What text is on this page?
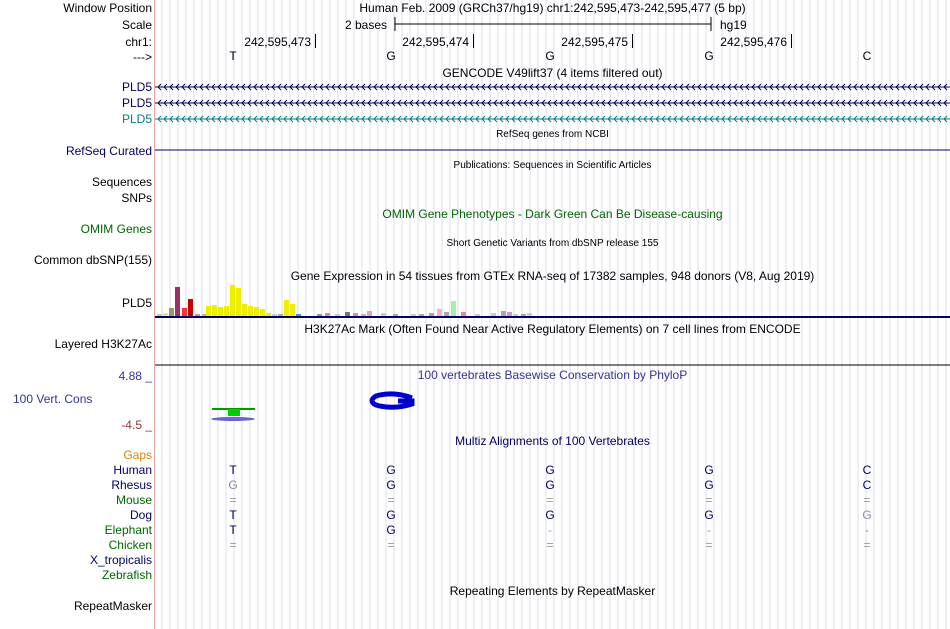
Window Position	Human Feb. 2009 (GRCh37/hg19) chr1:242,595,473-242,595,477 (5 bp)
Scale	2 bases	hg19
chr1:	242,595,473	242,595,474	242,595,475	242,595,476
--->	T	G	G	G	C
GENCODE V49lift37 (4 items filtered out)
PLD5
PLD5
PLD5
RefSeq genes from NCBI
RefSeq Curated
Publications: Sequences in Scientific Articles
Sequences
SNPs
OMIM Gene Phenotypes - Dark Green Can Be Disease-causing
OMIM Genes
Short Genetic Variants from dbSNP release 155
Common dbSNP(155)
Gene Expression in 54 tissues from GTEx RNA-seq of 17382 samples, 948 donors (V8, Aug 2019)
PLD5
H3K27Ac Mark (Often Found Near Active Regulatory Elements) on 7 cell lines from ENCODE
Layered H3K27Ac
100 vertebrates Basewise Conservation by PhyloP
4.88 _
100 Vert. Cons
-4.5 _
Multiz Alignments of 100 Vertebrates
Gaps
Human	T	G	G	G	C
Rhesus	G	G	G	G	C
Mouse	=	=	=	=	=
Dog	T	G	G	G	G
Elephant	T	G	-	-	-
Chicken	=	=	=	=	=
X_tropicalis
Zebrafish
Repeating Elements by RepeatMasker
RepeatMasker
